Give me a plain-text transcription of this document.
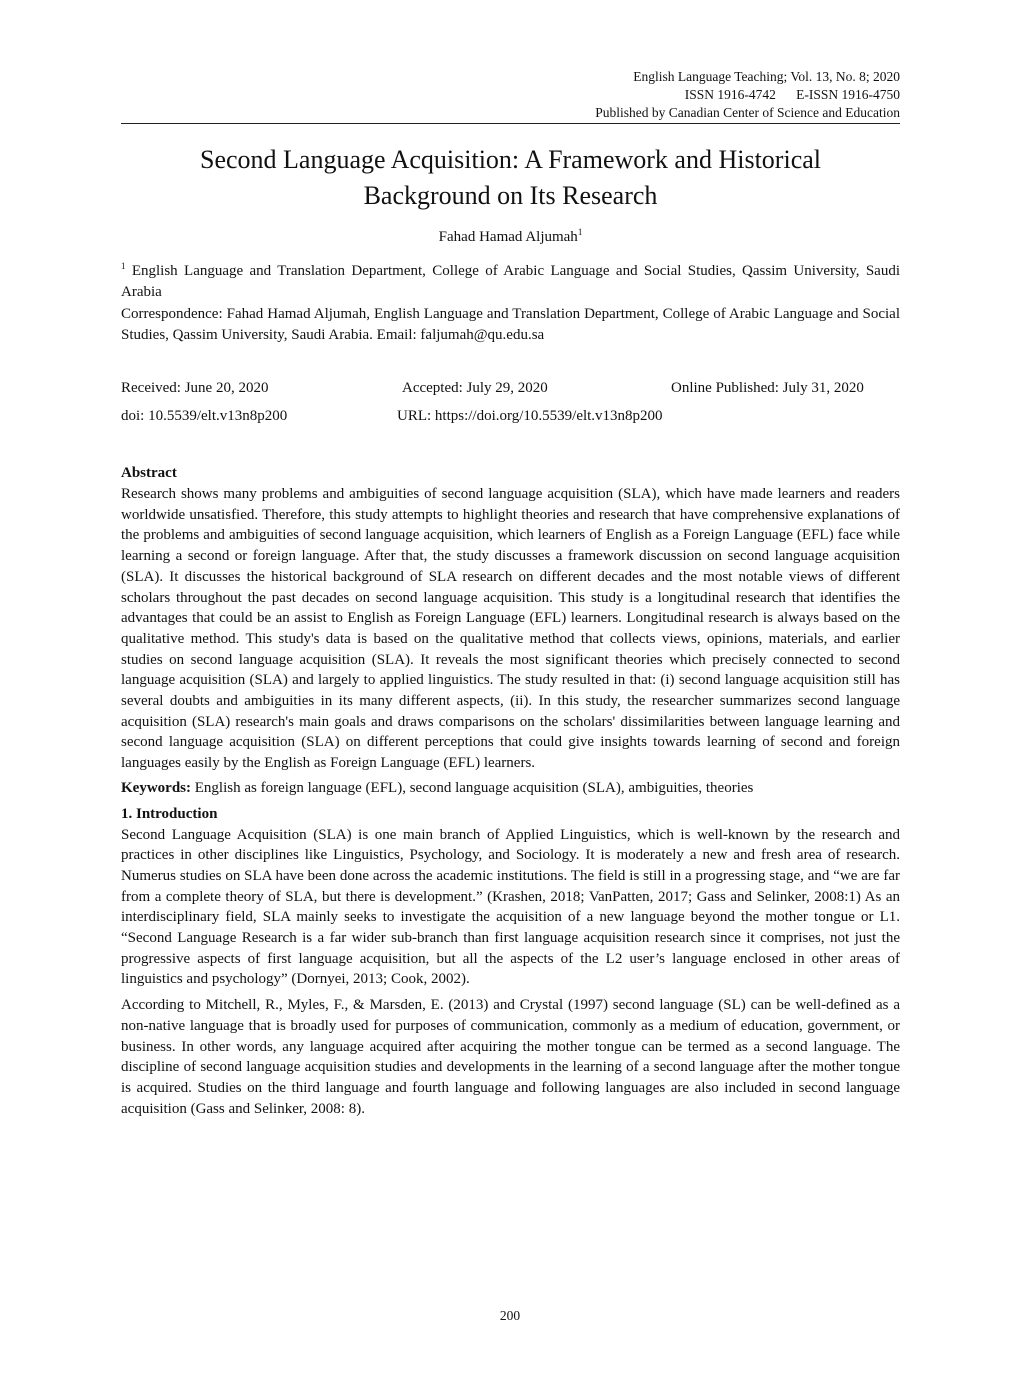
English Language Teaching; Vol. 13, No. 8; 2020
ISSN 1916-4742      E-ISSN 1916-4750
Published by Canadian Center of Science and Education
Second Language Acquisition: A Framework and Historical
Background on Its Research
Fahad Hamad Aljumah$^1$

$^1$ English Language and Translation Department, College of Arabic Language and Social Studies, Qassim University, Saudi Arabia

Correspondence: Fahad Hamad Aljumah, English Language and Translation Department, College of Arabic Language and Social Studies, Qassim University, Saudi Arabia. Email: faljumah@qu.edu.sa

Received: June 20, 2020	Accepted: July 29, 2020	Online Published: July 31, 2020
doi: 10.5539/elt.v13n8p200	URL: https://doi.org/10.5539/elt.v13n8p200
Abstract

Research shows many problems and ambiguities of second language acquisition (SLA), which have made learners and readers worldwide unsatisfied. Therefore, this study attempts to highlight theories and research that have comprehensive explanations of the problems and ambiguities of second language acquisition, which learners of English as a Foreign Language (EFL) face while learning a second or foreign language. After that, the study discusses a framework discussion on second language acquisition (SLA). It discusses the historical background of SLA research on different decades and the most notable views of different scholars throughout the past decades on second language acquisition. This study is a longitudinal research that identifies the advantages that could be an assist to English as Foreign Language (EFL) learners. Longitudinal research is always based on the qualitative method. This study's data is based on the qualitative method that collects views, opinions, materials, and earlier studies on second language acquisition (SLA). It reveals the most significant theories which precisely connected to second language acquisition (SLA) and largely to applied linguistics. The study resulted in that: (i) second language acquisition still has several doubts and ambiguities in its many different aspects, (ii). In this study, the researcher summarizes second language acquisition (SLA) research's main goals and draws comparisons on the scholars' dissimilarities between language learning and second language acquisition (SLA) on different perceptions that could give insights towards learning of second and foreign languages easily by the English as Foreign Language (EFL) learners.

Keywords: English as foreign language (EFL), second language acquisition (SLA), ambiguities, theories

1. Introduction

Second Language Acquisition (SLA) is one main branch of Applied Linguistics, which is well-known by the research and practices in other disciplines like Linguistics, Psychology, and Sociology. It is moderately a new and fresh area of research. Numerus studies on SLA have been done across the academic institutions. The field is still in a progressing stage, and “we are far from a complete theory of SLA, but there is development.” (Krashen, 2018; VanPatten, 2017; Gass and Selinker, 2008:1) As an interdisciplinary field, SLA mainly seeks to investigate the acquisition of a new language beyond the mother tongue or L1. “Second Language Research is a far wider sub-branch than first language acquisition research since it comprises, not just the progressive aspects of first language acquisition, but all the aspects of the L2 user’s language enclosed in other areas of linguistics and psychology” (Dornyei, 2013; Cook, 2002).

According to Mitchell, R., Myles, F., & Marsden, E. (2013) and Crystal (1997) second language (SL) can be well-defined as a non-native language that is broadly used for purposes of communication, commonly as a medium of education, government, or business. In other words, any language acquired after acquiring the mother tongue can be termed as a second language. The discipline of second language acquisition studies and developments in the learning of a second language after the mother tongue is acquired. Studies on the third language and fourth language and following languages are also included in second language acquisition (Gass and Selinker, 2008: 8).

200
